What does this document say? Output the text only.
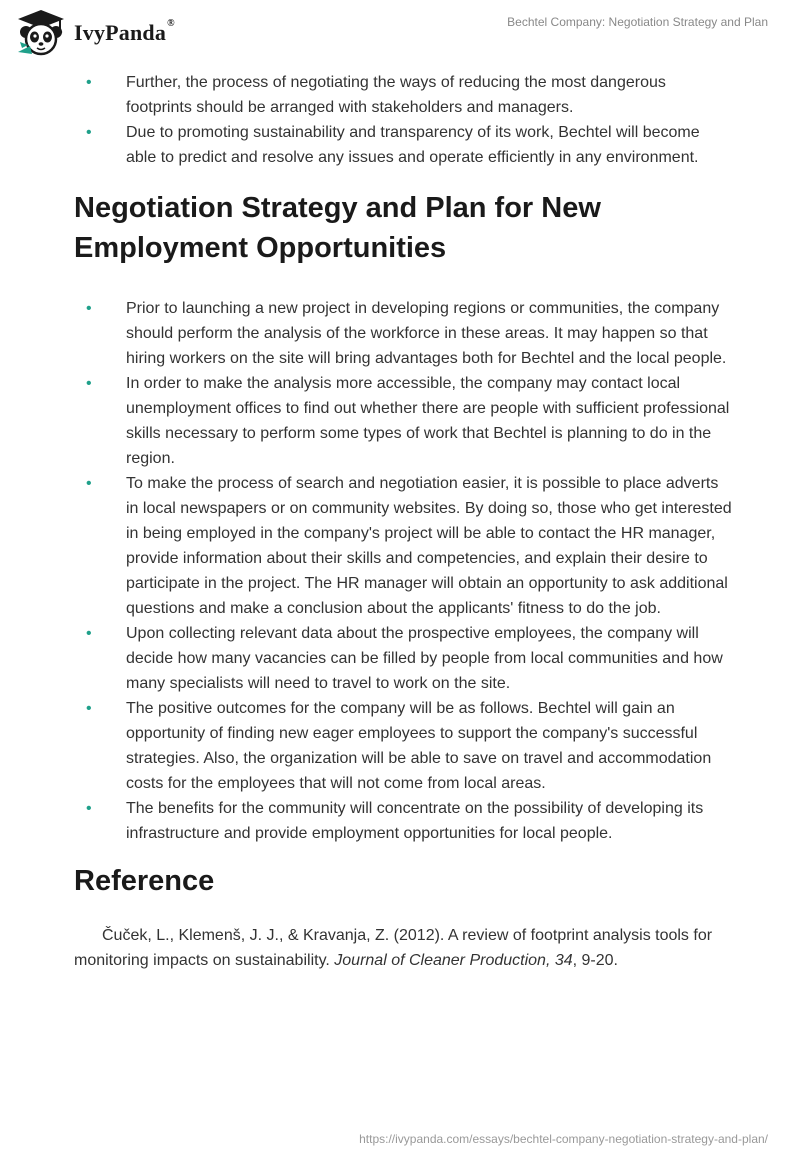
IvyPanda®	Bechtel Company: Negotiation Strategy and Plan
• Further, the process of negotiating the ways of reducing the most dangerous footprints should be arranged with stakeholders and managers.
• Due to promoting sustainability and transparency of its work, Bechtel will become able to predict and resolve any issues and operate efficiently in any environment.
Negotiation Strategy and Plan for New Employment Opportunities
• Prior to launching a new project in developing regions or communities, the company should perform the analysis of the workforce in these areas. It may happen so that hiring workers on the site will bring advantages both for Bechtel and the local people.
• In order to make the analysis more accessible, the company may contact local unemployment offices to find out whether there are people with sufficient professional skills necessary to perform some types of work that Bechtel is planning to do in the region.
• To make the process of search and negotiation easier, it is possible to place adverts in local newspapers or on community websites. By doing so, those who get interested in being employed in the company's project will be able to contact the HR manager, provide information about their skills and competencies, and explain their desire to participate in the project. The HR manager will obtain an opportunity to ask additional questions and make a conclusion about the applicants' fitness to do the job.
• Upon collecting relevant data about the prospective employees, the company will decide how many vacancies can be filled by people from local communities and how many specialists will need to travel to work on the site.
• The positive outcomes for the company will be as follows. Bechtel will gain an opportunity of finding new eager employees to support the company's successful strategies. Also, the organization will be able to save on travel and accommodation costs for the employees that will not come from local areas.
• The benefits for the community will concentrate on the possibility of developing its infrastructure and provide employment opportunities for local people.
Reference

Čuček, L., Klemenš, J. J., & Kravanja, Z. (2012). A review of footprint analysis tools for monitoring impacts on sustainability. Journal of Cleaner Production, 34, 9-20.

https://ivypanda.com/essays/bechtel-company-negotiation-strategy-and-plan/
